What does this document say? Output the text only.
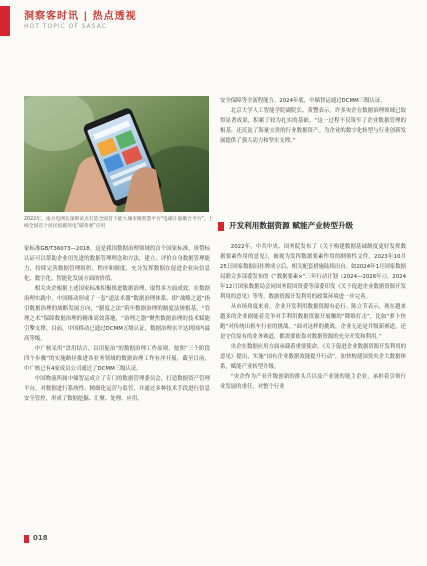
洞察客时讯 | 热点透视
HOT TOPIC OF SASAC
2022年，南方电网在深圳试点打造全国首个能大城市级智慧平台"电碳计量聚合平台"。上线全国首个居民低碳用电"碳普惠"应用

家标准GB/T36073—2018。这是我国数据治理领域的首个国家标准，该赞标认证可以帮助企业用先进的数据管理理念和方法，建立、评价自身数据管理能力，持续完善数据管理组织、程序和制度，充分发挥数据在促进企业向信息化、数字化、智能化发展方面的价值。

相关央企根据上述国家标准积极推进数据治理，取得多方面成效。在数据治理实践中，中国移动形成了一套“道法术器”数据治理体系，即“战略之道”指引数据治理的战略发展方向，“制度之法”筑牢数据治理的制度法规根基，“管理之术”保障数据治理的精准高效落地，“治理之器”聚焦数据治理的技术赋能引擎支撑。目前，中国移动已通过DCMM五级认证，数据治理水平达到国内最高等级。

中广核采用“盘用结合、以用促治”的数据治理工作原则，按照“三个阶段四个步骤”的实施路径推进各业务领域的数据治理工作有序开展，截至目前，中广核已有4家成员公司通过了DCMM三级认证。

中国物流所属中储智运成立了专门的数据管理委员会，打造数据资产管理平台，对数据进行系统性、精细化运营与监管，并通过多种技术手段进行信息安全管控，形成了数据挖掘、汇聚、处理、应用、

安全保障等全流程能力。2024年底，中储智运通过DCMM三级认证。

北京大学人工智能学院副院长、黄豐表示，许多央企在数据治理领域已取得显著成果，积累了较为扎实的基础。“这一过程不仅筑牢了企业数据管理的根基，还沉淀了海量宝贵的行业数据资产。为企业的数字化转型与行业创新发展提供了强大动力和坚实支撑。”

开发利用数据资源 赋能产业转型升级

2022年，中共中央、国务院发布了《关于构建数据基础制度更好发挥数据要素作用的意见》，被视为发挥数据要素作用的纲领性文件。2023年10月25日国家数据局挂牌成立后，相关配套措施陆续出台。如2024年1月国家数据局联合多部委发布的《“数据要素×”三年行动计划（2024—2026年）》，2024年12月国家数据局会同国务院国资委等部委印发《关于促进企业数据资源开发利用的意见》等等，数据资源开发利用的政策环境进一步完善。

从市场角度来看，企业开发利用数据资源有必行。陈立节表示，现在越来越多的企业剧能着竞争对手利用数据资源开展赚的“降维打击”，比如“萝卜快跑”对传统出租车行业的挑战。“面对这样的挑战，企业无论是升级新赛道，还是守住原有的业务赛道，都需要依靠对数据资源的充分开发和利用。”

央企在数据应用方面承载着重要使命。《关于促进企业数据资源开发利用的意见》提出，实施“国有企业数据效能提升行动”，加快构建国资央企大数据体系，赋能产业转型升级。

“央企作为产业升级创新的排头兵以及产业链的链主企业，承担着引领行业发展的重任，对整个行业

018
